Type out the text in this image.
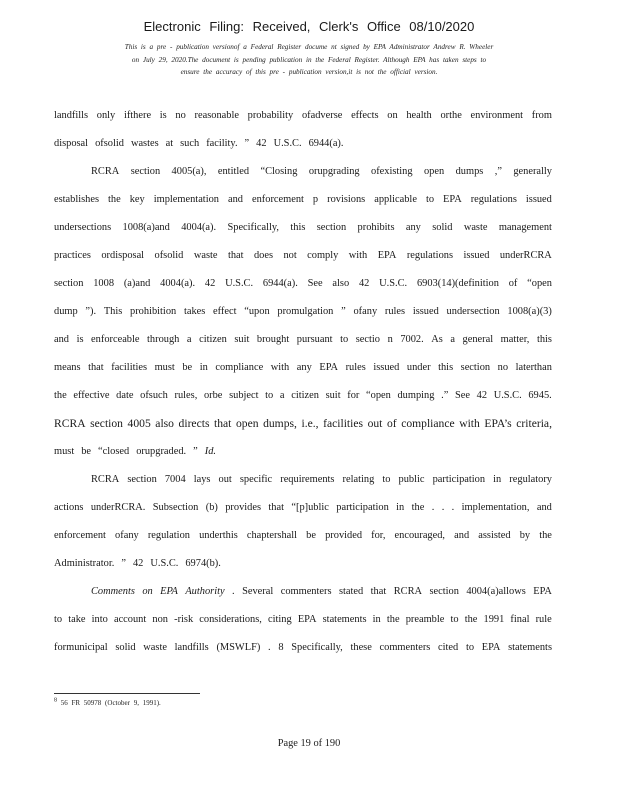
Electronic Filing: Received, Clerk's Office 08/10/2020
This is a pre - publication versionof a Federal Register docume nt signed by EPA Administrator Andrew R. Wheeler
on July 29, 2020.The document is pending publication in the Federal Register. Although EPA has taken steps to
ensure the accuracy of this pre - publication version,it is not the official version.
landfills only ifthere is no reasonable probability ofadverse effects on health orthe environment from
disposal ofsolid wastes at such facility. ” 42 U.S.C. 6944(a).
RCRA section 4005(a), entitled “Closing orupgrading ofexisting open dumps ,” generally
establishes the key implementation and enforcement p rovisions applicable to EPA regulations issued
undersections 1008(a)and 4004(a). Specifically, this section prohibits any solid waste management
practices ordisposal ofsolid waste that does not comply with EPA regulations issued underRCRA
section 1008 (a)and 4004(a). 42 U.S.C. 6944(a). See also 42 U.S.C. 6903(14)(definition of “open
dump ”). This prohibition takes effect “upon promulgation ” ofany rules issued undersection 1008(a)(3)
and is enforceable through a citizen suit brought pursuant to sectio n 7002. As a general matter, this
means that facilities must be in compliance with any EPA rules issued under this section no laterthan
the effective date ofsuch rules, orbe subject to a citizen suit for “open dumping .” See 42 U.S.C. 6945.
RCRA section 4005 also directs that open dumps, i.e., facilities out of compliance with EPA’s criteria,
must be “closed orupgraded. ” Id.
RCRA section 7004 lays out specific requirements relating to public participation in regulatory
actions underRCRA. Subsection (b) provides that “[p]ublic participation in the . . . implementation, and
enforcement ofany regulation underthis chaptershall be provided for, encouraged, and assisted by the
Administrator. ” 42 U.S.C. 6974(b).
Comments on EPA Authority . Several commenters stated that RCRA section 4004(a)allows EPA
to take into account non -risk considerations, citing EPA statements in the preamble to the 1991 final rule
formunicipal solid waste landfills (MSWLF) . 8 Specifically, these commenters cited to EPA statements
$^8$ 56 FR 50978 (October 9, 1991).
Page 19 of 190
